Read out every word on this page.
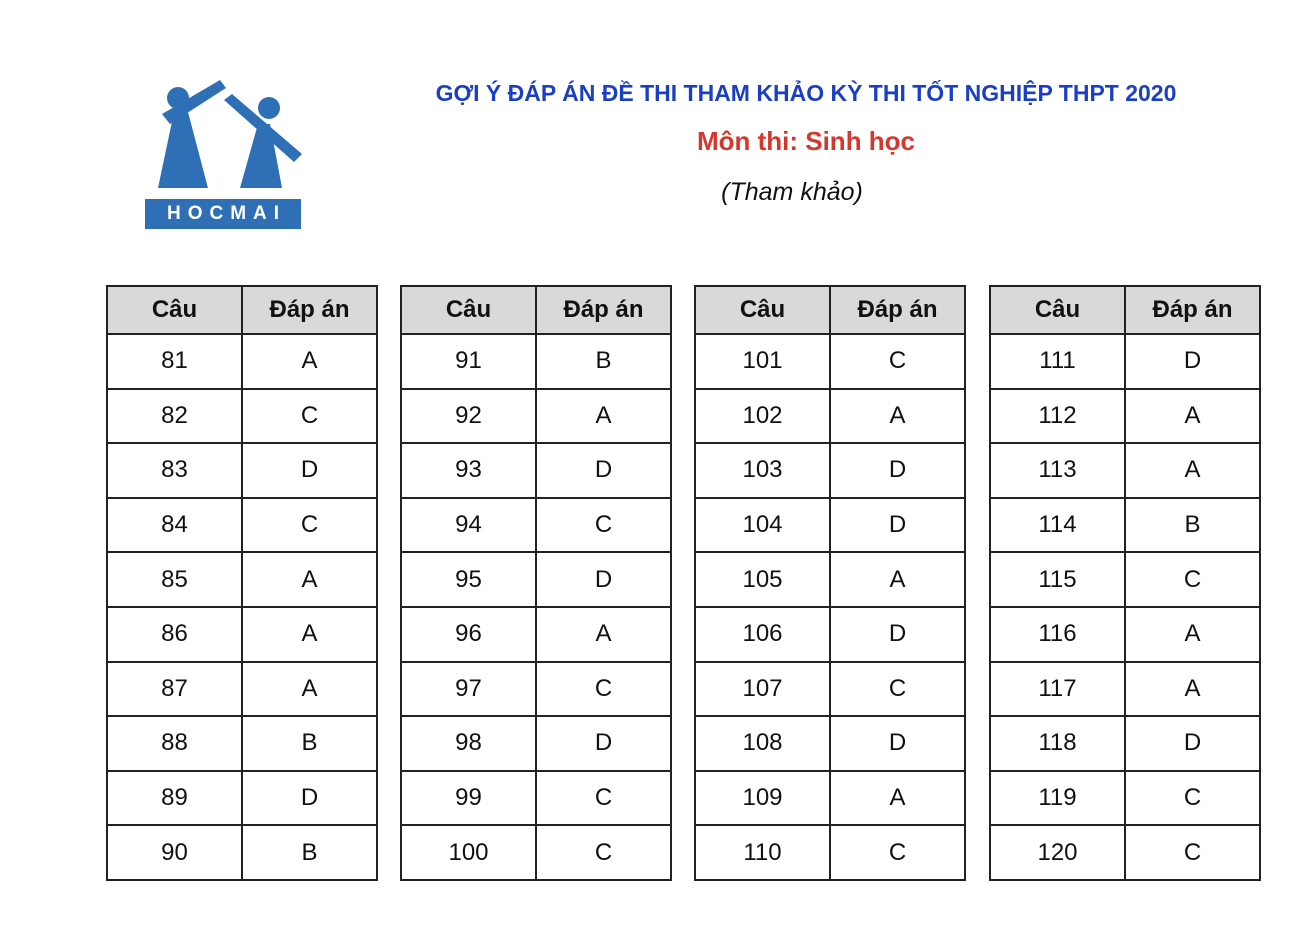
HOCMAI
GỢI Ý ĐÁP ÁN ĐỀ THI THAM KHẢO KỲ THI TỐT NGHIỆP THPT 2020
Môn thi: Sinh học
(Tham khảo)
Câu	Đáp án
81	A
82	C
83	D
84	C
85	A
86	A
87	A
88	B
89	D
90	B
Câu	Đáp án
91	B
92	A
93	D
94	C
95	D
96	A
97	C
98	D
99	C
100	C
Câu	Đáp án
101	C
102	A
103	D
104	D
105	A
106	D
107	C
108	D
109	A
110	C
Câu	Đáp án
111	D
112	A
113	A
114	B
115	C
116	A
117	A
118	D
119	C
120	C
